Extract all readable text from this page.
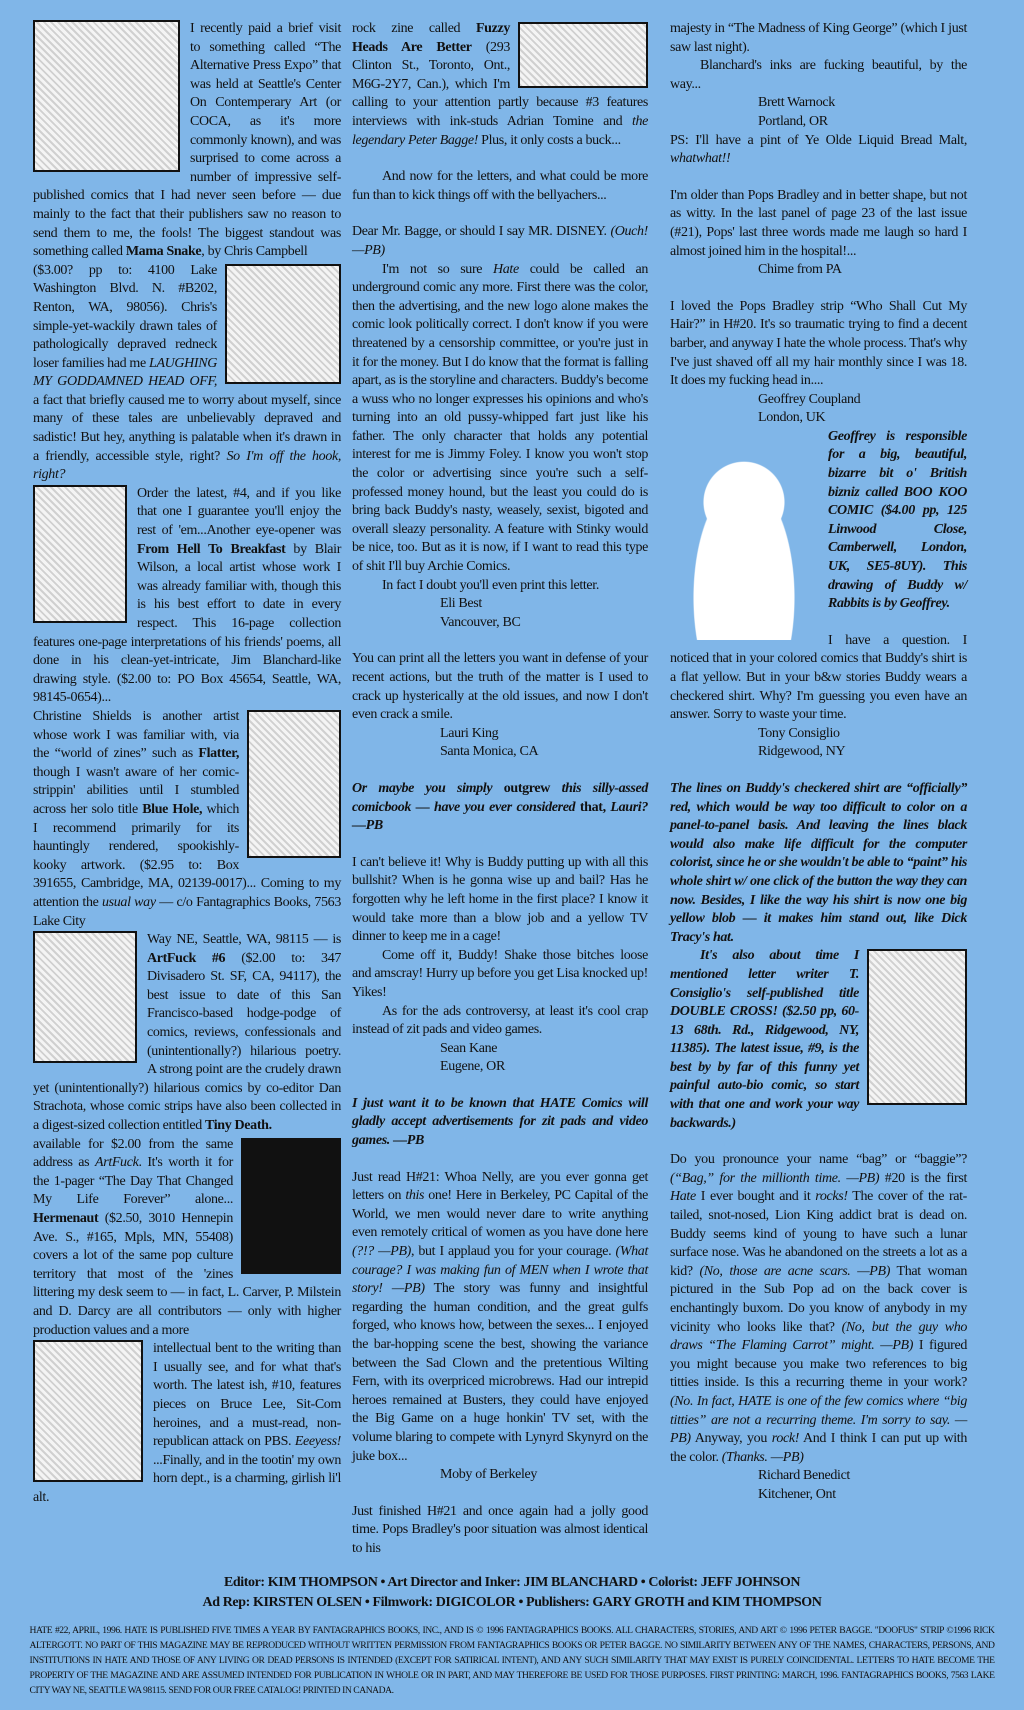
I recently paid a brief visit to something called “The Alternative Press Expo” that was held at Seattle's Center On Contemperary Art (or COCA, as it's more commonly known), and was surprised to come across a number of impressive self-published comics that I had never seen before — due mainly to the fact that their publishers saw no reason to send them to me, the fools! The biggest standout was something called Mama Snake, by Chris Campbell

($3.00? pp to: 4100 Lake Washington Blvd. N. #B202, Renton, WA, 98056). Chris's simple-yet-wackily drawn tales of pathologically depraved redneck loser families had me LAUGHING MY GODDAMNED HEAD OFF, a fact that briefly caused me to worry about myself, since many of these tales are unbelievably depraved and sadistic! But hey, anything is palatable when it's drawn in a friendly, accessible style, right? So I'm off the hook, right?

Order the latest, #4, and if you like that one I guarantee you'll enjoy the rest of 'em...Another eye-opener was From Hell To Breakfast by Blair Wilson, a local artist whose work I was already familiar with, though this is his best effort to date in every respect. This 16-page collection features one-page interpretations of his friends' poems, all done in his clean-yet-intricate, Jim Blanchard-like drawing style. ($2.00 to: PO Box 45654, Seattle, WA, 98145-0654)...

Christine Shields is another artist whose work I was familiar with, via the “world of zines” such as Flatter, though I wasn't aware of her comic-strippin' abilities until I stumbled across her solo title Blue Hole, which I recommend primarily for its hauntingly rendered, spookishly-kooky artwork. ($2.95 to: Box 391655, Cambridge, MA, 02139-0017)... Coming to my attention the usual way — c/o Fantagraphics Books, 7563 Lake City

Way NE, Seattle, WA, 98115 — is ArtFuck #6 ($2.00 to: 347 Divisadero St. SF, CA, 94117), the best issue to date of this San Francisco-based hodge-podge of comics, reviews, confessionals and (unintentionally?) hilarious poetry. A strong point are the crudely drawn yet (unintentionally?) hilarious comics by co-editor Dan Strachota, whose comic strips have also been collected in a digest-sized collection entitled Tiny Death.

available for $2.00 from the same address as ArtFuck. It's worth it for the 1-pager “The Day That Changed My Life Forever” alone... Hermenaut ($2.50, 3010 Hennepin Ave. S., #165, Mpls, MN, 55408) covers a lot of the same pop culture territory that most of the 'zines littering my desk seem to — in fact, L. Carver, P. Milstein and D. Darcy are all contributors — only with higher production values and a more

intellectual bent to the writing than I usually see, and for what that's worth. The latest ish, #10, features pieces on Bruce Lee, Sit-Com heroines, and a must-read, non-republican attack on PBS. Eeeyess! ...Finally, and in the tootin' my own horn dept., is a charming, girlish li'l alt.

rock zine called Fuzzy Heads Are Better (293 Clinton St., Toronto, Ont., M6G-2Y7, Can.), which I'm calling to your attention partly because #3 features interviews with ink-studs Adrian Tomine and the legendary Peter Bagge! Plus, it only costs a buck...

And now for the letters, and what could be more fun than to kick things off with the bellyachers...

Dear Mr. Bagge, or should I say MR. DISNEY. (Ouch! —PB)

I'm not so sure Hate could be called an underground comic any more. First there was the color, then the advertising, and the new logo alone makes the comic look politically correct. I don't know if you were threatened by a censorship committee, or you're just in it for the money. But I do know that the format is falling apart, as is the storyline and characters. Buddy's become a wuss who no longer expresses his opinions and who's turning into an old pussy-whipped fart just like his father. The only character that holds any potential interest for me is Jimmy Foley. I know you won't stop the color or advertising since you're such a self-professed money hound, but the least you could do is bring back Buddy's nasty, weasely, sexist, bigoted and overall sleazy personality. A feature with Stinky would be nice, too. But as it is now, if I want to read this type of shit I'll buy Archie Comics.

In fact I doubt you'll even print this letter.

Eli Best

Vancouver, BC

You can print all the letters you want in defense of your recent actions, but the truth of the matter is I used to crack up hysterically at the old issues, and now I don't even crack a smile.

Lauri King

Santa Monica, CA

Or maybe you simply outgrew this silly-assed comicbook — have you ever considered that, Lauri? —PB

I can't believe it! Why is Buddy putting up with all this bullshit? When is he gonna wise up and bail? Has he forgotten why he left home in the first place? I know it would take more than a blow job and a yellow TV dinner to keep me in a cage!

Come off it, Buddy! Shake those bitches loose and amscray! Hurry up before you get Lisa knocked up! Yikes!

As for the ads controversy, at least it's cool crap instead of zit pads and video games.

Sean Kane

Eugene, OR

I just want it to be known that HATE Comics will gladly accept advertisements for zit pads and video games. —PB

Just read H#21: Whoa Nelly, are you ever gonna get letters on this one! Here in Berkeley, PC Capital of the World, we men would never dare to write anything even remotely critical of women as you have done here (?!? —PB), but I applaud you for your courage. (What courage? I was making fun of MEN when I wrote that story! —PB) The story was funny and insightful regarding the human condition, and the great gulfs forged, who knows how, between the sexes... I enjoyed the bar-hopping scene the best, showing the variance between the Sad Clown and the pretentious Wilting Fern, with its overpriced microbrews. Had our intrepid heroes remained at Busters, they could have enjoyed the Big Game on a huge honkin' TV set, with the volume blaring to compete with Lynyrd Skynyrd on the juke box...

Moby of Berkeley

Just finished H#21 and once again had a jolly good time. Pops Bradley's poor situation was almost identical to his

majesty in “The Madness of King George” (which I just saw last night).

Blanchard's inks are fucking beautiful, by the way...

Brett Warnock

Portland, OR

PS: I'll have a pint of Ye Olde Liquid Bread Malt, whatwhat!!

I'm older than Pops Bradley and in better shape, but not as witty. In the last panel of page 23 of the last issue (#21), Pops' last three words made me laugh so hard I almost joined him in the hospital!...

Chime from PA

I loved the Pops Bradley strip “Who Shall Cut My Hair?” in H#20. It's so traumatic trying to find a decent barber, and anyway I hate the whole process. That's why I've just shaved off all my hair monthly since I was 18. It does my fucking head in....

Geoffrey Coupland

London, UK

Geoffrey is responsible for a big, beautiful, bizarre bit o' British bizniz called BOO KOO COMIC ($4.00 pp, 125 Linwood Close, Camberwell, London, UK, SE5-8UY). This drawing of Buddy w/ Rabbits is by Geoffrey.

I have a question. I noticed that in your colored comics that Buddy's shirt is a flat yellow. But in your b&w stories Buddy wears a checkered shirt. Why? I'm guessing you even have an answer. Sorry to waste your time.

Tony Consiglio

Ridgewood, NY

The lines on Buddy's checkered shirt are “officially” red, which would be way too difficult to color on a panel-to-panel basis. And leaving the lines black would also make life difficult for the computer colorist, since he or she wouldn't be able to “paint” his whole shirt w/ one click of the button the way they can now. Besides, I like the way his shirt is now one big yellow blob — it makes him stand out, like Dick Tracy's hat.

It's also about time I mentioned letter writer T. Consiglio's self-published title DOUBLE CROSS! ($2.50 pp, 60-13 68th. Rd., Ridgewood, NY, 11385). The latest issue, #9, is the best by by far of this funny yet painful auto-bio comic, so start with that one and work your way backwards.)

Do you pronounce your name “bag” or “baggie”? (“Bag,” for the millionth time. —PB) #20 is the first Hate I ever bought and it rocks! The cover of the rat-tailed, snot-nosed, Lion King addict brat is dead on. Buddy seems kind of young to have such a lunar surface nose. Was he abandoned on the streets a lot as a kid? (No, those are acne scars. —PB) That woman pictured in the Sub Pop ad on the back cover is enchantingly buxom. Do you know of anybody in my vicinity who looks like that? (No, but the guy who draws “The Flaming Carrot” might. —PB) I figured you might because you make two references to big titties inside. Is this a recurring theme in your work? (No. In fact, HATE is one of the few comics where “big titties” are not a recurring theme. I'm sorry to say. —PB) Anyway, you rock! And I think I can put up with the color. (Thanks. —PB)

Richard Benedict

Kitchener, Ont

Editor: KIM THOMPSON • Art Director and Inker: JIM BLANCHARD • Colorist: JEFF JOHNSON
Ad Rep: KIRSTEN OLSEN • Filmwork: DIGICOLOR • Publishers: GARY GROTH and KIM THOMPSON
HATE #22, APRIL, 1996. HATE IS PUBLISHED FIVE TIMES A YEAR BY FANTAGRAPHICS BOOKS, INC., AND IS © 1996 FANTAGRAPHICS BOOKS. ALL CHARACTERS, STORIES, AND ART © 1996 PETER BAGGE. "DOOFUS" STRIP ©1996 RICK ALTERGOTT. NO PART OF THIS MAGAZINE MAY BE REPRODUCED WITHOUT WRITTEN PERMISSION FROM FANTAGRAPHICS BOOKS OR PETER BAGGE. NO SIMILARITY BETWEEN ANY OF THE NAMES, CHARACTERS, PERSONS, AND INSTITUTIONS IN HATE AND THOSE OF ANY LIVING OR DEAD PERSONS IS INTENDED (EXCEPT FOR SATIRICAL INTENT), AND ANY SUCH SIMILARITY THAT MAY EXIST IS PURELY COINCIDENTAL. LETTERS TO HATE BECOME THE PROPERTY OF THE MAGAZINE AND ARE ASSUMED INTENDED FOR PUBLICATION IN WHOLE OR IN PART, AND MAY THEREFORE BE USED FOR THOSE PURPOSES. FIRST PRINTING: MARCH, 1996. FANTAGRAPHICS BOOKS, 7563 LAKE CITY WAY NE, SEATTLE WA 98115. SEND FOR OUR FREE CATALOG! PRINTED IN CANADA.
